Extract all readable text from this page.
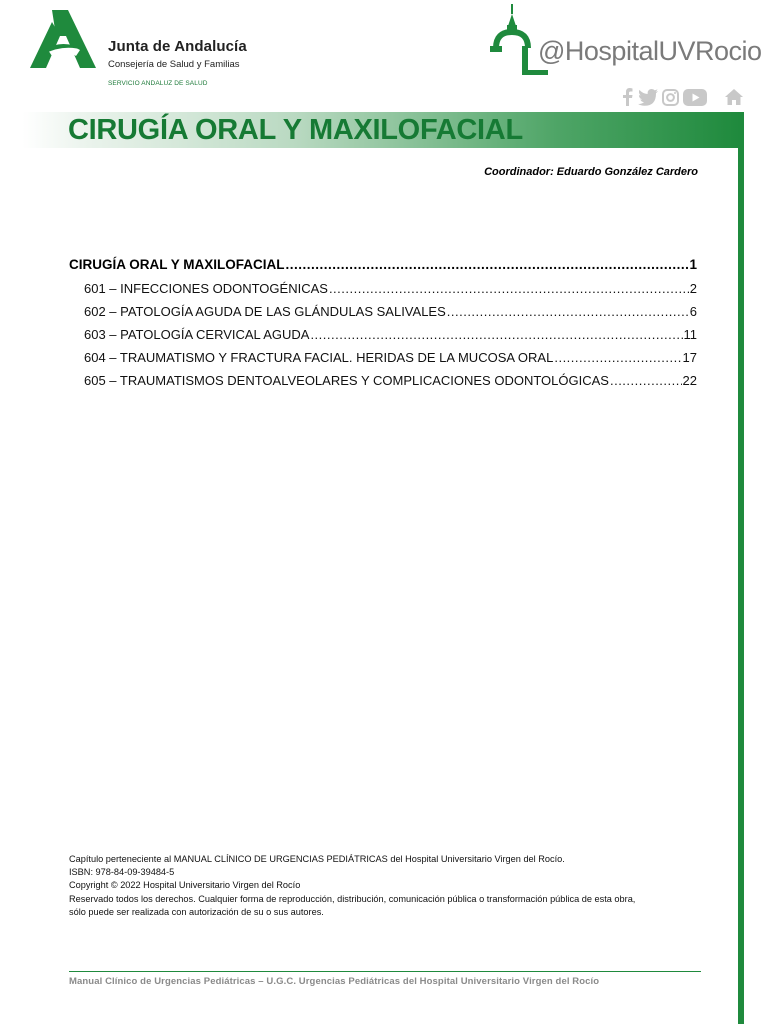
Junta de Andalucía
Consejería de Salud y Familias
SERVICIO ANDALUZ DE SALUD
@HospitalUVRocio
CIRUGÍA ORAL Y MAXILOFACIAL
Coordinador: Eduardo González Cardero
CIRUGÍA ORAL Y MAXILOFACIAL .....	1
601 – INFECCIONES ODONTOGÉNICAS .....	2
602 – PATOLOGÍA AGUDA DE LAS GLÁNDULAS SALIVALES .....	6
603 – PATOLOGÍA CERVICAL AGUDA .....	11
604 – TRAUMATISMO Y FRACTURA FACIAL. HERIDAS DE LA MUCOSA ORAL .....	17
605 – TRAUMATISMOS DENTOALVEOLARES Y COMPLICACIONES ODONTOLÓGICAS .....	22
Capítulo perteneciente al MANUAL CLÍNICO DE URGENCIAS PEDIÁTRICAS del Hospital Universitario Virgen del Rocío.
ISBN: 978-84-09-39484-5
Copyright © 2022 Hospital Universitario Virgen del Rocío
Reservado todos los derechos. Cualquier forma de reproducción, distribución, comunicación pública o transformación pública de esta obra,
sólo puede ser realizada con autorización de su o sus autores.
Manual Clínico de Urgencias Pediátricas – U.G.C. Urgencias Pediátricas del Hospital Universitario Virgen del Rocío
